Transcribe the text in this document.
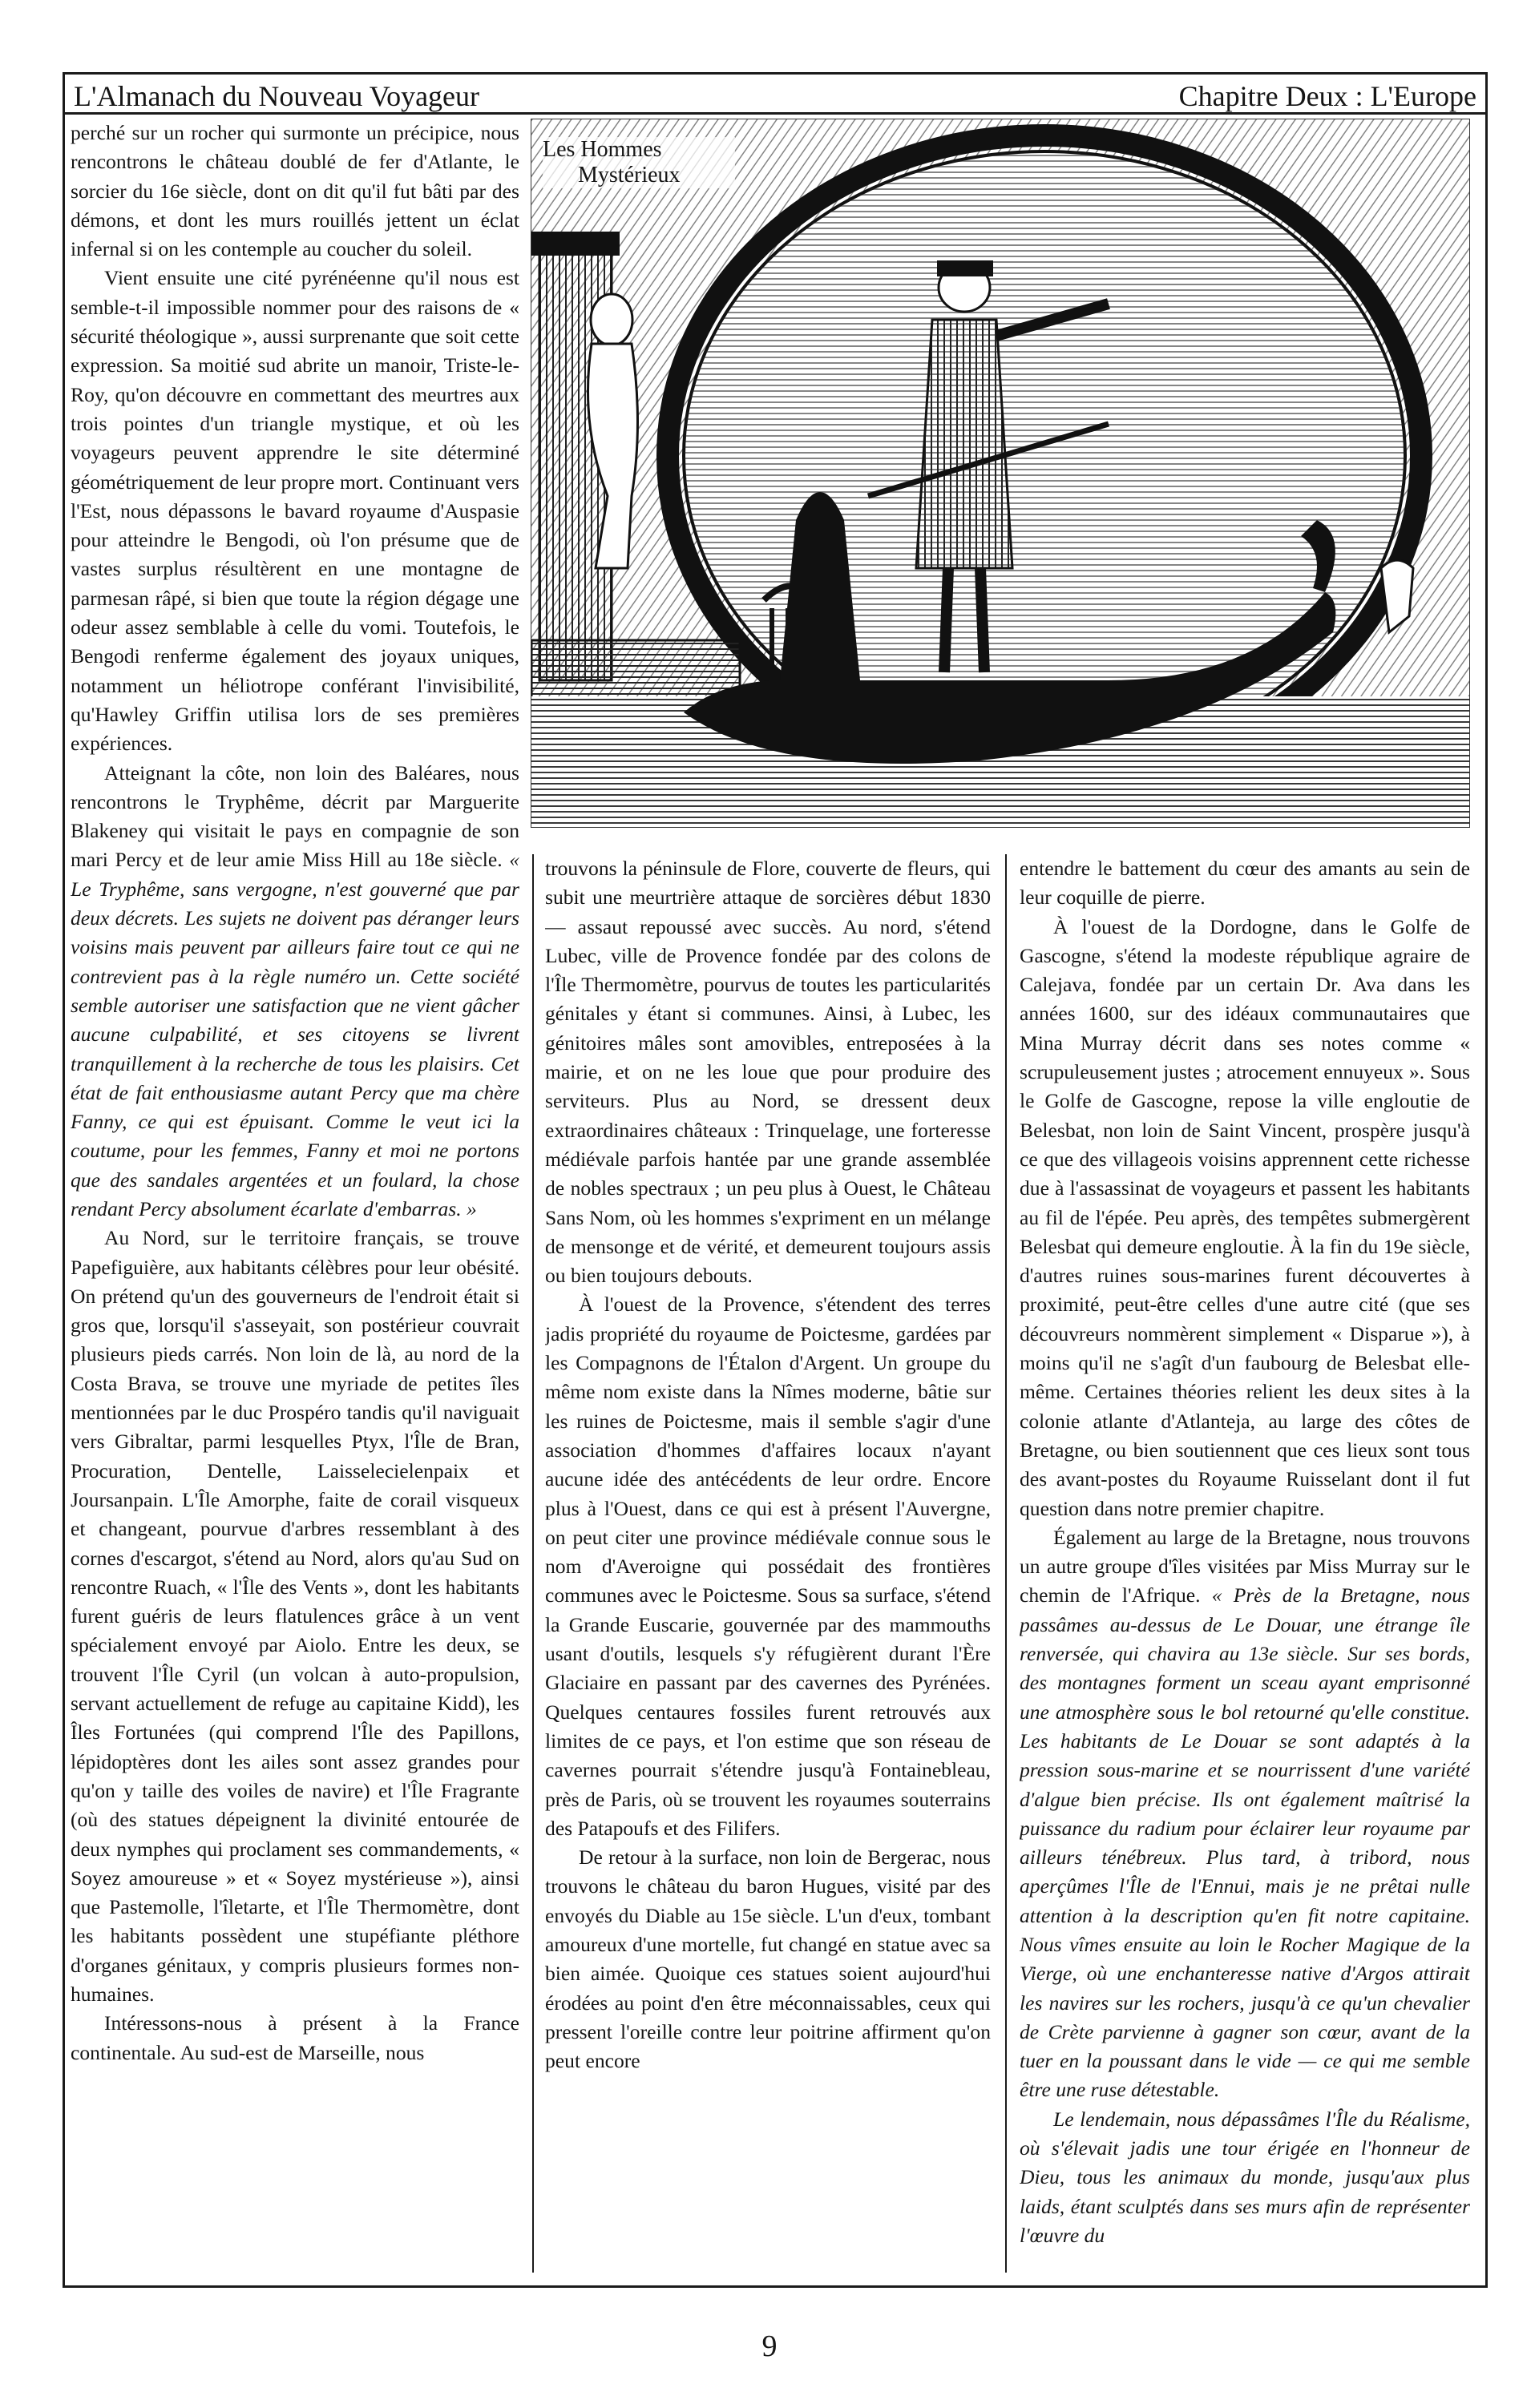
L'Almanach du Nouveau Voyageur	Chapitre Deux : L'Europe

perché sur un rocher qui surmonte un précipice, nous rencontrons le château doublé de fer d'Atlante, le sorcier du 16e siècle, dont on dit qu'il fut bâti par des démons, et dont les murs rouillés jettent un éclat infernal si on les contemple au coucher du soleil.

Vient ensuite une cité pyrénéenne qu'il nous est semble-t-il impossible nommer pour des raisons de « sécurité théologique », aussi surprenante que soit cette expression. Sa moitié sud abrite un manoir, Triste-le-Roy, qu'on découvre en commettant des meurtres aux trois pointes d'un triangle mystique, et où les voyageurs peuvent apprendre le site déterminé géométriquement de leur propre mort. Continuant vers l'Est, nous dépassons le bavard royaume d'Auspasie pour atteindre le Bengodi, où l'on présume que de vastes surplus résultèrent en une montagne de parmesan râpé, si bien que toute la région dégage une odeur assez semblable à celle du vomi. Toutefois, le Bengodi renferme également des joyaux uniques, notamment un héliotrope conférant l'invisibilité, qu'Hawley Griffin utilisa lors de ses premières expériences.

Atteignant la côte, non loin des Baléares, nous rencontrons le Tryphême, décrit par Marguerite Blakeney qui visitait le pays en compagnie de son mari Percy et de leur amie Miss Hill au 18e siècle. « Le Tryphême, sans vergogne, n'est gouverné que par deux décrets. Les sujets ne doivent pas déranger leurs voisins mais peuvent par ailleurs faire tout ce qui ne contrevient pas à la règle numéro un. Cette société semble autoriser une satisfaction que ne vient gâcher aucune culpabilité, et ses citoyens se livrent tranquillement à la recherche de tous les plaisirs. Cet état de fait enthousiasme autant Percy que ma chère Fanny, ce qui est épuisant. Comme le veut ici la coutume, pour les femmes, Fanny et moi ne portons que des sandales argentées et un foulard, la chose rendant Percy absolument écarlate d'embarras. »

Au Nord, sur le territoire français, se trouve Papefiguière, aux habitants célèbres pour leur obésité. On prétend qu'un des gouverneurs de l'endroit était si gros que, lorsqu'il s'asseyait, son postérieur couvrait plusieurs pieds carrés. Non loin de là, au nord de la Costa Brava, se trouve une myriade de petites îles mentionnées par le duc Prospéro tandis qu'il naviguait vers Gibraltar, parmi lesquelles Ptyx, l'Île de Bran, Procuration, Dentelle, Laisselecielenpaix et Joursanpain. L'Île Amorphe, faite de corail visqueux et changeant, pourvue d'arbres ressemblant à des cornes d'escargot, s'étend au Nord, alors qu'au Sud on rencontre Ruach, « l'Île des Vents », dont les habitants furent guéris de leurs flatulences grâce à un vent spécialement envoyé par Aiolo. Entre les deux, se trouvent l'Île Cyril (un volcan à auto-propulsion, servant actuellement de refuge au capitaine Kidd), les Îles Fortunées (qui comprend l'Île des Papillons, lépidoptères dont les ailes sont assez grandes pour qu'on y taille des voiles de navire) et l'Île Fragrante (où des statues dépeignent la divinité entourée de deux nymphes qui proclament ses commandements, « Soyez amoureuse » et « Soyez mystérieuse »), ainsi que Pastemolle, l'îletarte, et l'Île Thermomètre, dont les habitants possèdent une stupéfiante pléthore d'organes génitaux, y compris plusieurs formes non-humaines.

Intéressons-nous à présent à la France continentale. Au sud-est de Marseille, nous

Les Hommes
Mystérieux

trouvons la péninsule de Flore, couverte de fleurs, qui subit une meurtrière attaque de sorcières début 1830 — assaut repoussé avec succès. Au nord, s'étend Lubec, ville de Provence fondée par des colons de l'Île Thermomètre, pourvus de toutes les particularités génitales y étant si communes. Ainsi, à Lubec, les génitoires mâles sont amovibles, entreposées à la mairie, et on ne les loue que pour produire des serviteurs. Plus au Nord, se dressent deux extraordinaires châteaux : Trinquelage, une forteresse médiévale parfois hantée par une grande assemblée de nobles spectraux ; un peu plus à Ouest, le Château Sans Nom, où les hommes s'expriment en un mélange de mensonge et de vérité, et demeurent toujours assis ou bien toujours debouts.

À l'ouest de la Provence, s'étendent des terres jadis propriété du royaume de Poictesme, gardées par les Compagnons de l'Étalon d'Argent. Un groupe du même nom existe dans la Nîmes moderne, bâtie sur les ruines de Poictesme, mais il semble s'agir d'une association d'hommes d'affaires locaux n'ayant aucune idée des antécédents de leur ordre. Encore plus à l'Ouest, dans ce qui est à présent l'Auvergne, on peut citer une province médiévale connue sous le nom d'Averoigne qui possédait des frontières communes avec le Poictesme. Sous sa surface, s'étend la Grande Euscarie, gouvernée par des mammouths usant d'outils, lesquels s'y réfugièrent durant l'Ère Glaciaire en passant par des cavernes des Pyrénées. Quelques centaures fossiles furent retrouvés aux limites de ce pays, et l'on estime que son réseau de cavernes pourrait s'étendre jusqu'à Fontainebleau, près de Paris, où se trouvent les royaumes souterrains des Patapoufs et des Filifers.

De retour à la surface, non loin de Bergerac, nous trouvons le château du baron Hugues, visité par des envoyés du Diable au 15e siècle. L'un d'eux, tombant amoureux d'une mortelle, fut changé en statue avec sa bien aimée. Quoique ces statues soient aujourd'hui érodées au point d'en être méconnaissables, ceux qui pressent l'oreille contre leur poitrine affirment qu'on peut encore

entendre le battement du cœur des amants au sein de leur coquille de pierre.

À l'ouest de la Dordogne, dans le Golfe de Gascogne, s'étend la modeste république agraire de Calejava, fondée par un certain Dr. Ava dans les années 1600, sur des idéaux communautaires que Mina Murray décrit dans ses notes comme « scrupuleusement justes ; atrocement ennuyeux ». Sous le Golfe de Gascogne, repose la ville engloutie de Belesbat, non loin de Saint Vincent, prospère jusqu'à ce que des villageois voisins apprennent cette richesse due à l'assassinat de voyageurs et passent les habitants au fil de l'épée. Peu après, des tempêtes submergèrent Belesbat qui demeure engloutie. À la fin du 19e siècle, d'autres ruines sous-marines furent découvertes à proximité, peut-être celles d'une autre cité (que ses découvreurs nommèrent simplement « Disparue »), à moins qu'il ne s'agît d'un faubourg de Belesbat elle-même. Certaines théories relient les deux sites à la colonie atlante d'Atlanteja, au large des côtes de Bretagne, ou bien soutiennent que ces lieux sont tous des avant-postes du Royaume Ruisselant dont il fut question dans notre premier chapitre.

Également au large de la Bretagne, nous trouvons un autre groupe d'îles visitées par Miss Murray sur le chemin de l'Afrique. « Près de la Bretagne, nous passâmes au-dessus de Le Douar, une étrange île renversée, qui chavira au 13e siècle. Sur ses bords, des montagnes forment un sceau ayant emprisonné une atmosphère sous le bol retourné qu'elle constitue. Les habitants de Le Douar se sont adaptés à la pression sous-marine et se nourrissent d'une variété d'algue bien précise. Ils ont également maîtrisé la puissance du radium pour éclairer leur royaume par ailleurs ténébreux. Plus tard, à tribord, nous aperçûmes l'Île de l'Ennui, mais je ne prêtai nulle attention à la description qu'en fit notre capitaine. Nous vîmes ensuite au loin le Rocher Magique de la Vierge, où une enchanteresse native d'Argos attirait les navires sur les rochers, jusqu'à ce qu'un chevalier de Crète parvienne à gagner son cœur, avant de la tuer en la poussant dans le vide — ce qui me semble être une ruse détestable.

Le lendemain, nous dépassâmes l'Île du Réalisme, où s'élevait jadis une tour érigée en l'honneur de Dieu, tous les animaux du monde, jusqu'aux plus laids, étant sculptés dans ses murs afin de représenter l'œuvre du

9
